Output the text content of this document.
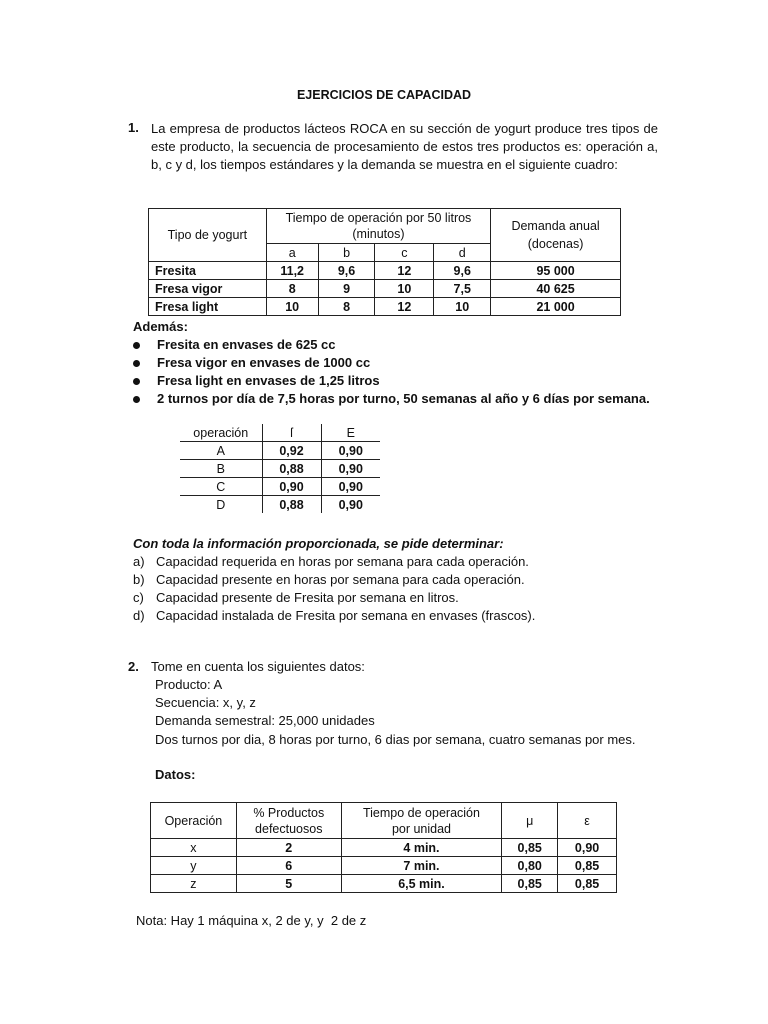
EJERCICIOS DE CAPACIDAD
1. La empresa de productos lácteos ROCA en su sección de yogurt produce tres tipos de este producto, la secuencia de procesamiento de estos tres productos es: operación a, b, c y d, los tiempos estándares y la demanda se muestra en el siguiente cuadro:
Tipo de yogurt	Tiempo de operación por 50 litros (minutos)				Demanda anual (docenas)
	a	b	c	d	
Fresita	11,2	9,6	12	9,6	95 000
Fresa vigor	8	9	10	7,5	40 625
Fresa light	10	8	12	10	21 000
Además:
Fresita en envases de 625 cc
Fresa vigor en envases de 1000 cc
Fresa light en envases de 1,25 litros
2 turnos por día de 7,5 horas por turno, 50 semanas al año y 6 días por semana.
operación	ſ	E
A	0,92	0,90
B	0,88	0,90
C	0,90	0,90
D	0,88	0,90
Con toda la información proporcionada, se pide determinar:
a) Capacidad requerida en horas por semana para cada operación.
b) Capacidad presente en horas por semana para cada operación.
c) Capacidad presente de Fresita por semana en litros.
d) Capacidad instalada de Fresita por semana en envases (frascos).
2. Tome en cuenta los siguientes datos:
Producto: A
Secuencia: x, y, z
Demanda semestral: 25,000 unidades
Dos turnos por dia, 8 horas por turno, 6 dias por semana, cuatro semanas por mes.
Datos:
Operación	% Productos defectuosos	Tiempo de operación por unidad	μ	ε
x	2	4 min.	0,85	0,90
y	6	7 min.	0,80	0,85
z	5	6,5 min.	0,85	0,85
Nota: Hay 1 máquina x, 2 de y, y  2 de z
